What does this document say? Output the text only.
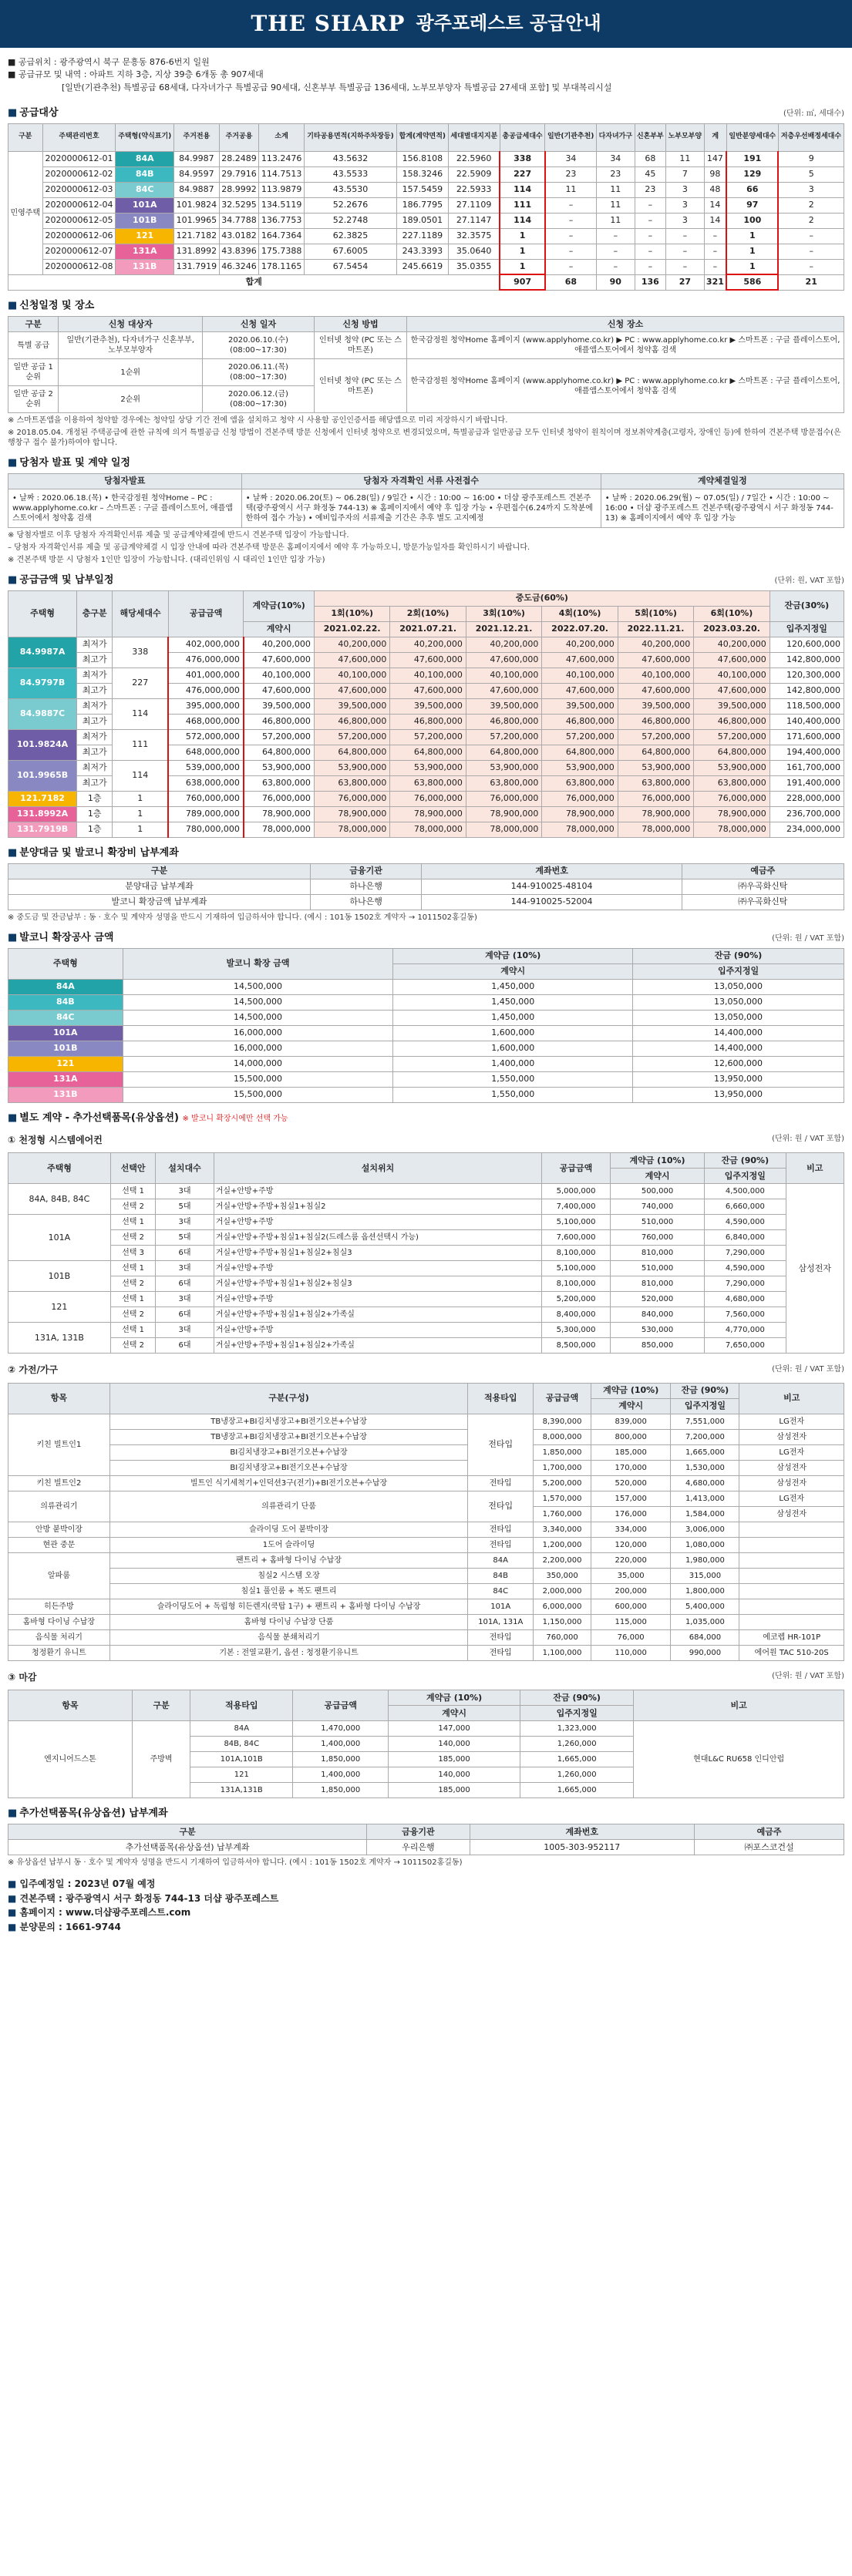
THE SHARP 광주포레스트 공급안내
■ 공급위치 : 광주광역시 북구 문흥동 876-6번지 일원
■ 공급규모 및 내역 : 아파트 지하 3층, 지상 39층 6개동 총 907세대
[일반(기관추천) 특별공급 68세대, 다자녀가구 특별공급 90세대, 신혼부부 특별공급 136세대, 노부모부양자 특별공급 27세대 포함] 및 부대복리시설
■ 공급대상	(단위: ㎡, 세대수)
구분	주택관리번호	주택형(약식표기)	주거전용	주거공용	소계	기타공용면적(지하주차장등)	합계(계약면적)	세대별대지지분	총공급세대수	일반(기관추천)	다자녀가구	신혼부부	노부모부양	계	일반분양세대수	저층우선배정세대수
민영주택	2020000612-01	84A	84.9987	28.2489	113.2476	43.5632	156.8108	22.5960	338	34	34	68	11	147	191	9
	2020000612-02	84B	84.9597	29.7916	114.7513	43.5533	158.3246	22.5909	227	23	23	45	7	98	129	5
	2020000612-03	84C	84.9887	28.9992	113.9879	43.5530	157.5459	22.5933	114	11	11	23	3	48	66	3
	2020000612-04	101A	101.9824	32.5295	134.5119	52.2676	186.7795	27.1109	111	–	11	–	3	14	97	2
	2020000612-05	101B	101.9965	34.7788	136.7753	52.2748	189.0501	27.1147	114	–	11	–	3	14	100	2
	2020000612-06	121	121.7182	43.0182	164.7364	62.3825	227.1189	32.3575	1	–	–	–	–	–	1	–
	2020000612-07	131A	131.8992	43.8396	175.7388	67.6005	243.3393	35.0640	1	–	–	–	–	–	1	–
	2020000612-08	131B	131.7919	46.3246	178.1165	67.5454	245.6619	35.0355	1	–	–	–	–	–	1	–
합계									907	68	90	136	27	321	586	21
■ 신청일정 및 장소
구분	신청 대상자	신청 일자	신청 방법	신청 장소
특별 공급	일반(기관추천), 다자녀가구 신혼부부, 노부모부양자	2020.06.10.(수) (08:00~17:30)	인터넷 청약 (PC 또는 스마트폰)	한국감정원 청약Home 홈페이지 (www.applyhome.co.kr) ▶ PC : www.applyhome.co.kr ▶ 스마트폰 : 구글 플레이스토어, 애플앱스토어에서 청약홈 검색
일반 공급 1순위	1순위	2020.06.11.(목) (08:00~17:30)	인터넷 청약 (PC 또는 스마트폰)	한국감정원 청약Home 홈페이지 (www.applyhome.co.kr) ▶ PC : www.applyhome.co.kr ▶ 스마트폰 : 구글 플레이스토어, 애플앱스토어에서 청약홈 검색
일반 공급 2순위	2순위	2020.06.12.(금) (08:00~17:30)		
※ 스마트폰앱을 이용하여 청약할 경우에는 청약일 상당 기간 전에 앱을 설치하고 청약 시 사용할 공인인증서를 해당앱으로 미리 저장하시기 바랍니다.
※ 2018.05.04. 개정된 주택공급에 관한 규칙에 의거 특별공급 신청 방법이 견본주택 방문 신청에서 인터넷 청약으로 변경되었으며, 특별공급과 일반공급 모두 인터넷 청약이 원칙이며 정보취약계층(고령자, 장애인 등)에 한하여 견본주택 방문접수(은행창구 접수 불가)하여야 합니다.
■ 당첨자 발표 및 계약 일정
당첨자발표	당첨자 자격확인 서류 사전접수	계약체결일정
• 날짜 : 2020.06.18.(목) • 한국감정원 청약Home – PC : www.applyhome.co.kr – 스마트폰 : 구글 플레이스토어, 애플앱스토어에서 청약홈 검색	• 날짜 : 2020.06.20(토) ~ 06.28(일) / 9일간 • 시간 : 10:00 ~ 16:00 • 더샵 광주포레스트 견본주택(광주광역시 서구 화정동 744-13) ※ 홈페이지에서 예약 후 입장 가능 • 우편접수(6.24까지 도착분에 한하여 접수 가능) • 예비입주자의 서류제출 기간은 추후 별도 고지예정	• 날짜 : 2020.06.29(월) ~ 07.05(일) / 7일간 • 시간 : 10:00 ~ 16:00 • 더샵 광주포레스트 견본주택(광주광역시 서구 화정동 744-13) ※ 홈페이지에서 예약 후 입장 가능
※ 당첨자별로 이후 당첨자 자격확인서류 제출 및 공급계약체결에 반드시 견본주택 입장이 가능합니다.
– 당첨자 자격확인서류 제출 및 공급계약체결 시 입장 안내에 따라 견본주택 방문은 홈페이지에서 예약 후 가능하오니, 방문가능일자를 확인하시기 바랍니다.
※ 견본주택 방문 시 당첨자 1인만 입장이 가능합니다. (대리인위임 시 대리인 1인만 입장 가능)
■ 공급금액 및 납부일정	(단위: 원, VAT 포함)
주택형	층구분	해당세대수	공급금액	계약금(10%)	중도금(60%)						잔금(30%)
					1회(10%)	2회(10%)	3회(10%)	4회(10%)	5회(10%)	6회(10%)	
				계약시	2021.02.22.	2021.07.21.	2021.12.21.	2022.07.20.	2022.11.21.	2023.03.20.	입주지정일
84.9987A	최저가	338	402,000,000	40,200,000	40,200,000	40,200,000	40,200,000	40,200,000	40,200,000	40,200,000	120,600,000
	최고가		476,000,000	47,600,000	47,600,000	47,600,000	47,600,000	47,600,000	47,600,000	47,600,000	142,800,000
84.9797B	최저가	227	401,000,000	40,100,000	40,100,000	40,100,000	40,100,000	40,100,000	40,100,000	40,100,000	120,300,000
	최고가		476,000,000	47,600,000	47,600,000	47,600,000	47,600,000	47,600,000	47,600,000	47,600,000	142,800,000
84.9887C	최저가	114	395,000,000	39,500,000	39,500,000	39,500,000	39,500,000	39,500,000	39,500,000	39,500,000	118,500,000
	최고가		468,000,000	46,800,000	46,800,000	46,800,000	46,800,000	46,800,000	46,800,000	46,800,000	140,400,000
101.9824A	최저가	111	572,000,000	57,200,000	57,200,000	57,200,000	57,200,000	57,200,000	57,200,000	57,200,000	171,600,000
	최고가		648,000,000	64,800,000	64,800,000	64,800,000	64,800,000	64,800,000	64,800,000	64,800,000	194,400,000
101.9965B	최저가	114	539,000,000	53,900,000	53,900,000	53,900,000	53,900,000	53,900,000	53,900,000	53,900,000	161,700,000
	최고가		638,000,000	63,800,000	63,800,000	63,800,000	63,800,000	63,800,000	63,800,000	63,800,000	191,400,000
121.7182	1층	1	760,000,000	76,000,000	76,000,000	76,000,000	76,000,000	76,000,000	76,000,000	76,000,000	228,000,000
131.8992A	1층	1	789,000,000	78,900,000	78,900,000	78,900,000	78,900,000	78,900,000	78,900,000	78,900,000	236,700,000
131.7919B	1층	1	780,000,000	78,000,000	78,000,000	78,000,000	78,000,000	78,000,000	78,000,000	78,000,000	234,000,000
■ 분양대금 및 발코니 확장비 납부계좌
구분	금융기관	계좌번호	예금주
분양대금 납부계좌	하나은행	144-910025-48104	㈜우곡화신탁
발코니 확장금액 납부계좌	하나은행	144-910025-52004	㈜우곡화신탁
※ 중도금 및 잔금납부 : 동 · 호수 및 계약자 성명을 반드시 기재하여 입금하셔야 합니다. (예시 : 101동 1502호 계약자 → 1011502홍길동)
■ 발코니 확장공사 금액	(단위: 원 / VAT 포함)
주택형	발코니 확장 금액	계약금 (10%)	잔금 (90%)
		계약시	입주지정일
84A	14,500,000	1,450,000	13,050,000
84B	14,500,000	1,450,000	13,050,000
84C	14,500,000	1,450,000	13,050,000
101A	16,000,000	1,600,000	14,400,000
101B	16,000,000	1,600,000	14,400,000
121	14,000,000	1,400,000	12,600,000
131A	15,500,000	1,550,000	13,950,000
131B	15,500,000	1,550,000	13,950,000
■ 별도 계약 - 추가선택품목(유상옵션) ※ 발코니 확장시에만 선택 가능
① 천정형 시스템에어컨	(단위: 원 / VAT 포함)
주택형	선택안	설치대수	설치위치	공급금액	계약금 (10%)	잔금 (90%)	비고
					계약시	입주지정일	
84A, 84B, 84C	선택 1	3대	거실+안방+주방	5,000,000	500,000	4,500,000	삼성전자
	선택 2	5대	거실+안방+주방+침실1+침실2	7,400,000	740,000	6,660,000	
101A	선택 1	3대	거실+안방+주방	5,100,000	510,000	4,590,000	
	선택 2	5대	거실+안방+주방+침실1+침실2(드레스룸 옵션선택시 가능)	7,600,000	760,000	6,840,000	
	선택 3	6대	거실+안방+주방+침실1+침실2+침실3	8,100,000	810,000	7,290,000	
101B	선택 1	3대	거실+안방+주방	5,100,000	510,000	4,590,000	
	선택 2	6대	거실+안방+주방+침실1+침실2+침실3	8,100,000	810,000	7,290,000	
121	선택 1	3대	거실+안방+주방	5,200,000	520,000	4,680,000	
	선택 2	6대	거실+안방+주방+침실1+침실2+가족실	8,400,000	840,000	7,560,000	
131A, 131B	선택 1	3대	거실+안방+주방	5,300,000	530,000	4,770,000	
	선택 2	6대	거실+안방+주방+침실1+침실2+가족실	8,500,000	850,000	7,650,000	
② 가전/가구	(단위: 원 / VAT 포함)
항목	구분(구성)	적용타입	공급금액	계약금 (10%)	잔금 (90%)	비고
				계약시	입주지정일	
키친 빌트인1	TB냉장고+BI김치냉장고+BI전기오븐+수납장	전타입	8,390,000	839,000	7,551,000	LG전자
	TB냉장고+BI김치냉장고+BI전기오븐+수납장		8,000,000	800,000	7,200,000	삼성전자
	BI김치냉장고+BI전기오븐+수납장		1,850,000	185,000	1,665,000	LG전자
	BI김치냉장고+BI전기오븐+수납장		1,700,000	170,000	1,530,000	삼성전자
키친 빌트인2	빌트인 식기세척기+인덕션3구(전기)+BI전기오븐+수납장	전타입	5,200,000	520,000	4,680,000	삼성전자
의류관리기	의류관리기 단품	전타입	1,570,000	157,000	1,413,000	LG전자
			1,760,000	176,000	1,584,000	삼성전자
안방 붙박이장	슬라이딩 도어 붙박이장	전타입	3,340,000	334,000	3,006,000	
현관 중문	1도어 슬라이딩	전타입	1,200,000	120,000	1,080,000	
알파룸	팬트리 + 홈바형 다이닝 수납장	84A	2,200,000	220,000	1,980,000	
	침실2 시스템 오장	84B	350,000	35,000	315,000	
	침실1 풀인룸 + 복도 팬트리	84C	2,000,000	200,000	1,800,000	
히든주방	슬라이딩도어 + 독립형 히든렌지(쿡탑 1구) + 팬트리 + 홈바형 다이닝 수납장	101A	6,000,000	600,000	5,400,000	
홈바형 다이닝 수납장	홈바형 다이닝 수납장 단품	101A, 131A	1,150,000	115,000	1,035,000	
음식물 처리기	음식물 분쇄처리기	전타입	760,000	76,000	684,000	에코렙 HR-101P
청정환기 유니트	기본 : 전열교환기, 옵션 : 청정환기유니트	전타입	1,100,000	110,000	990,000	에어원 TAC 510-20S
③ 마감	(단위: 원 / VAT 포함)
항목	구분	적용타입	공급금액	계약금 (10%)	잔금 (90%)	비고
				계약시	입주지정일	
엔지니어드스톤	주방벽	84A	1,470,000	147,000	1,323,000	현대L&C RU658 인디안럽
		84B, 84C	1,400,000	140,000	1,260,000	
		101A,101B	1,850,000	185,000	1,665,000	
		121	1,400,000	140,000	1,260,000	
		131A,131B	1,850,000	185,000	1,665,000	
■ 추가선택품목(유상옵션) 납부계좌
구분	금융기관	계좌번호	예금주
추가선택품목(유상옵션) 납부계좌	우리은행	1005-303-952117	㈜포스코건설
※ 유상옵션 납부시 동 · 호수 및 계약자 성명을 반드시 기재하여 입금하셔야 합니다. (예시 : 101동 1502호 계약자 → 1011502홍길동)
■ 입주예정일 : 2023년 07월 예정
■ 견본주택 : 광주광역시 서구 화정동 744-13 더샵 광주포레스트
■ 홈페이지 : www.더샵광주포레스트.com
■ 분양문의 : 1661-9744
